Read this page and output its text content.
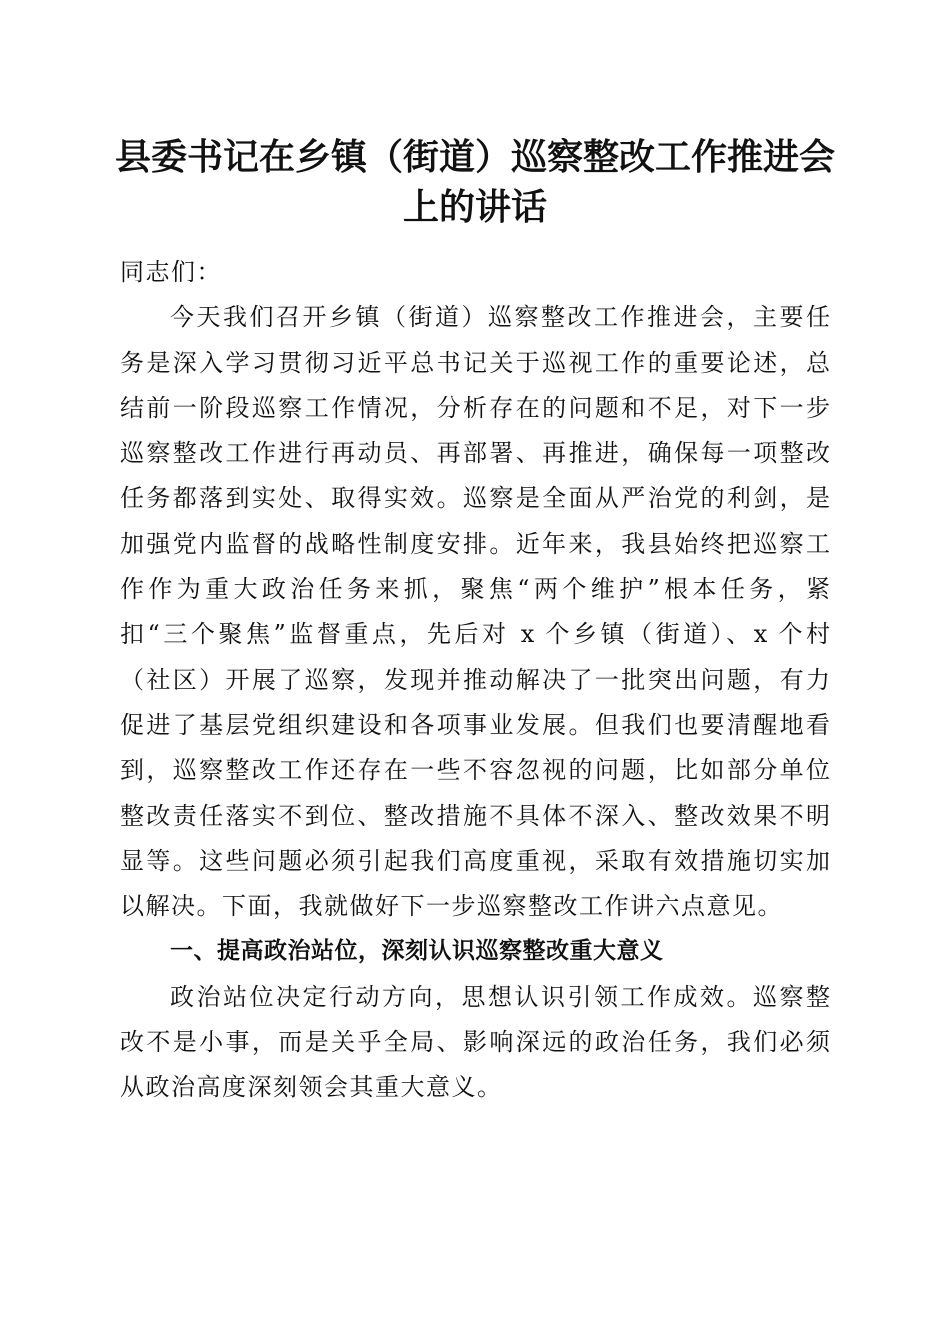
县委书记在乡镇（街道）巡察整改工作推进会
上的讲话
同志们：
今天我们召开乡镇（街道）巡察整改工作推进会，主要任
务是深入学习贯彻习近平总书记关于巡视工作的重要论述，总
结前一阶段巡察工作情况，分析存在的问题和不足，对下一步
巡察整改工作进行再动员、再部署、再推进，确保每一项整改
任务都落到实处、取得实效。巡察是全面从严治党的利剑，是
加强党内监督的战略性制度安排。近年来，我县始终把巡察工
作作为重大政治任务来抓，聚焦“两个维护”根本任务，紧
扣“三个聚焦”监督重点，先后对 x 个乡镇（街道）、x 个村
（社区）开展了巡察，发现并推动解决了一批突出问题，有力
促进了基层党组织建设和各项事业发展。但我们也要清醒地看
到，巡察整改工作还存在一些不容忽视的问题，比如部分单位
整改责任落实不到位、整改措施不具体不深入、整改效果不明
显等。这些问题必须引起我们高度重视，采取有效措施切实加
以解决。下面，我就做好下一步巡察整改工作讲六点意见。
一、提高政治站位，深刻认识巡察整改重大意义
政治站位决定行动方向，思想认识引领工作成效。巡察整
改不是小事，而是关乎全局、影响深远的政治任务，我们必须
从政治高度深刻领会其重大意义。
